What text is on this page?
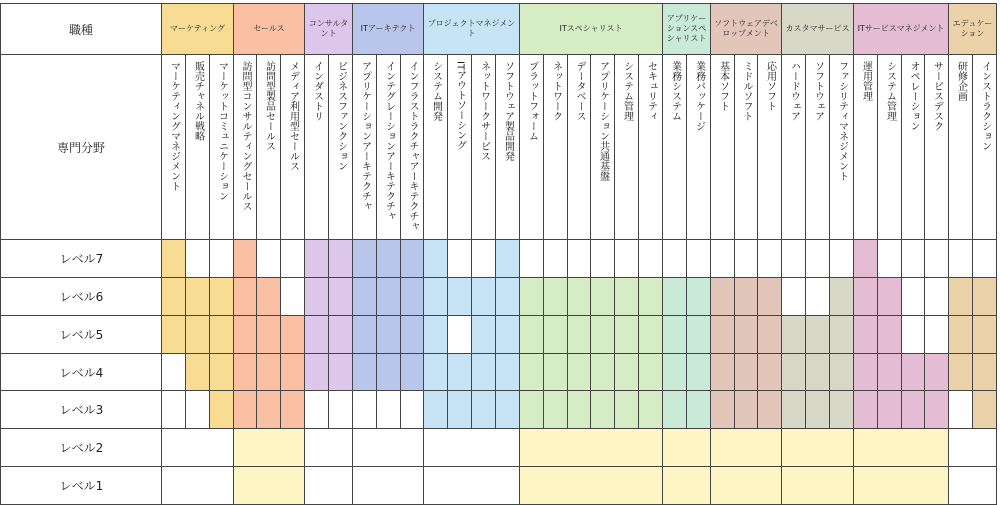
職種
専門分野
レベル7
レベル6
レベル5
レベル4
レベル3
レベル2
レベル1
マーケティング
マーケティングマネジメント 販売チャネル戦略 マーケットコミュニケーション
セールス
訪問型コンサルティングセールス 訪問型製品セールス メディア利用型セールス
コンサルタント
インダストリ ビジネスファンクション
ITアーキテクト
アプリケーションアーキテクチャ インテグレーションアーキテクチャ インフラストラクチャアーキテクチャ
プロジェクトマネジメント
システム開発 ITアウトソーシング ネットワークサービス ソフトウェア製品開発
ITスペシャリスト
プラットフォーム ネットワーク データベース アプリケーション共通基盤 システム管理 セキュリティ
アプリケーションスペシャリスト
業務システム 業務パッケージ
ソフトウェアデベロップメント
基本ソフト ミドルソフト 応用ソフト
カスタマサービス
ハードウェア ソフトウェア ファシリティマネジメント
ITサービスマネジメント
運用管理 システム管理 オペレーション サービスデスク
エデュケーション
研修企画 インストラクション
